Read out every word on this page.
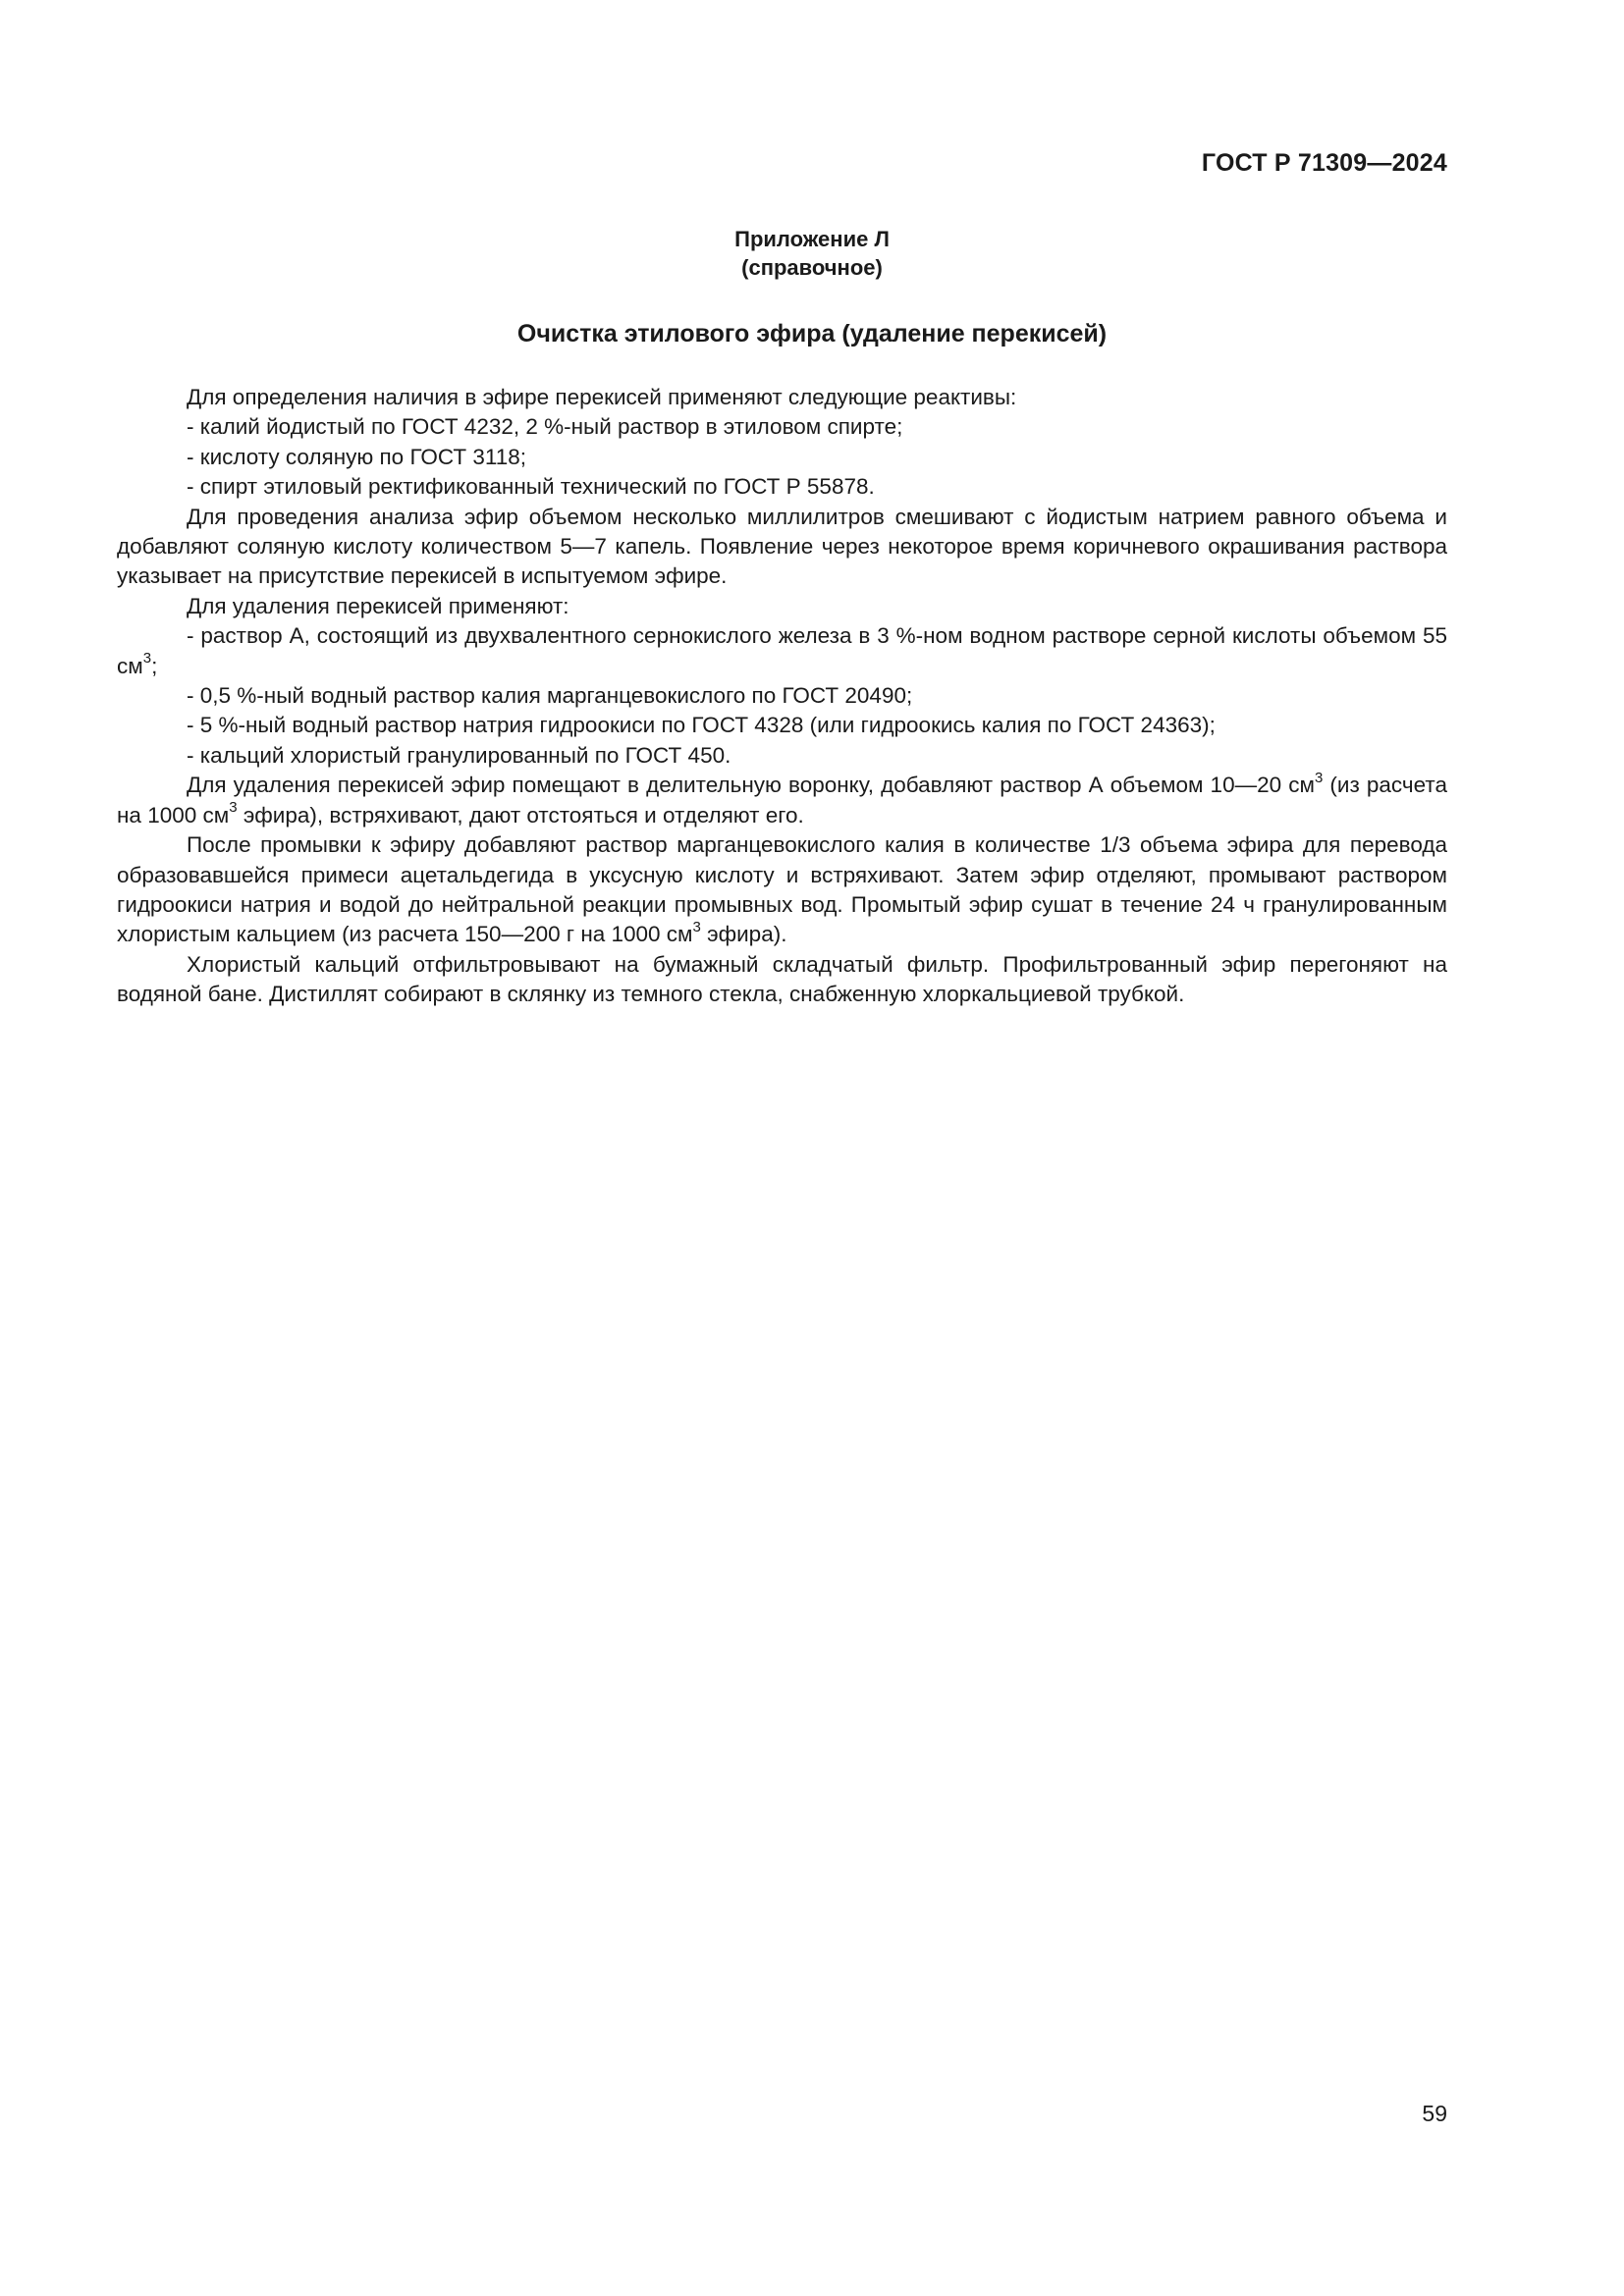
ГОСТ Р 71309—2024
Приложение Л
(справочное)
Очистка этилового эфира (удаление перекисей)

Для определения наличия в эфире перекисей применяют следующие реактивы:

- калий йодистый по ГОСТ 4232, 2 %-ный раствор в этиловом спирте;

- кислоту соляную по ГОСТ 3118;

- спирт этиловый ректификованный технический по ГОСТ Р 55878.

Для проведения анализа эфир объемом несколько миллилитров смешивают с йодистым натрием равного объема и добавляют соляную кислоту количеством 5—7 капель. Появление через некоторое время коричневого окрашивания раствора указывает на присутствие перекисей в испытуемом эфире.

Для удаления перекисей применяют:

- раствор А, состоящий из двухвалентного сернокислого железа в 3 %-ном водном растворе серной кислоты объемом 55 $см^3$;

- 0,5 %-ный водный раствор калия марганцевокислого по ГОСТ 20490;

- 5 %-ный водный раствор натрия гидроокиси по ГОСТ 4328 (или гидроокись калия по ГОСТ 24363);

- кальций хлористый гранулированный по ГОСТ 450.

Для удаления перекисей эфир помещают в делительную воронку, добавляют раствор А объемом 10—20 $см^3$ (из расчета на 1000 $см^3$ эфира), встряхивают, дают отстояться и отделяют его.

После промывки к эфиру добавляют раствор марганцевокислого калия в количестве 1/3 объема эфира для перевода образовавшейся примеси ацетальдегида в уксусную кислоту и встряхивают. Затем эфир отделяют, промывают раствором гидроокиси натрия и водой до нейтральной реакции промывных вод. Промытый эфир сушат в течение 24 ч гранулированным хлористым кальцием (из расчета 150—200 г на 1000 $см^3$ эфира).

Хлористый кальций отфильтровывают на бумажный складчатый фильтр. Профильтрованный эфир перегоняют на водяной бане. Дистиллят собирают в склянку из темного стекла, снабженную хлоркальциевой трубкой.

59
